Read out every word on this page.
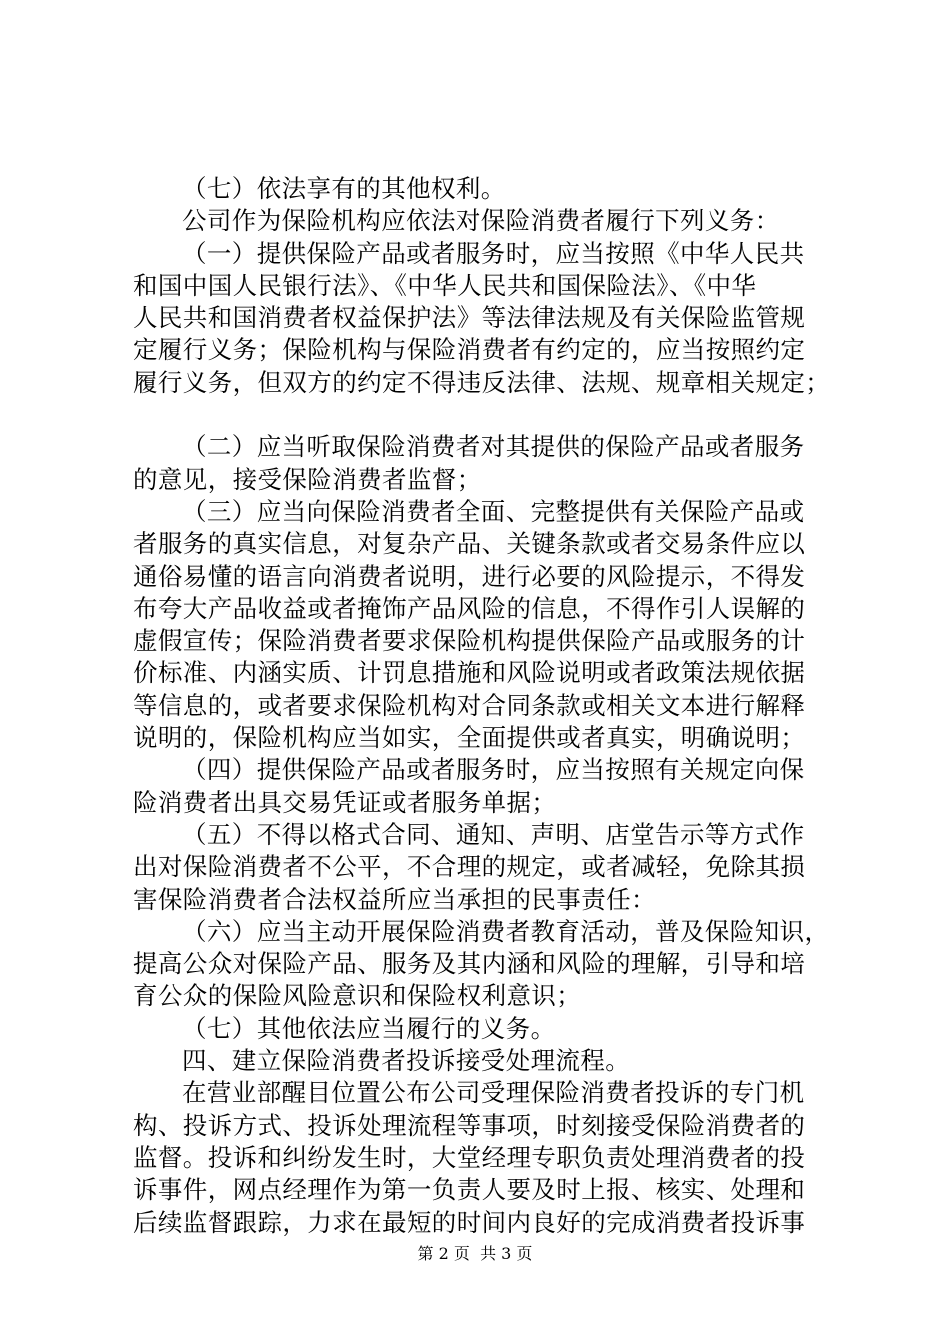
（七）依法享有的其他权利。
公司作为保险机构应依法对保险消费者履行下列义务：
（一）提供保险产品或者服务时，应当按照《中华人民共
和国中国人民银行法》、《中华人民共和国保险法》、《中华
人民共和国消费者权益保护法》等法律法规及有关保险监管规
定履行义务；保险机构与保险消费者有约定的，应当按照约定
履行义务，但双方的约定不得违反法律、法规、规章相关规定；
（二）应当听取保险消费者对其提供的保险产品或者服务
的意见，接受保险消费者监督；
（三）应当向保险消费者全面、完整提供有关保险产品或
者服务的真实信息，对复杂产品、关键条款或者交易条件应以
通俗易懂的语言向消费者说明，进行必要的风险提示，不得发
布夸大产品收益或者掩饰产品风险的信息，不得作引人误解的
虚假宣传；保险消费者要求保险机构提供保险产品或服务的计
价标准、内涵实质、计罚息措施和风险说明或者政策法规依据
等信息的，或者要求保险机构对合同条款或相关文本进行解释
说明的，保险机构应当如实，全面提供或者真实，明确说明；
（四）提供保险产品或者服务时，应当按照有关规定向保
险消费者出具交易凭证或者服务单据；
（五）不得以格式合同、通知、声明、店堂告示等方式作
出对保险消费者不公平，不合理的规定，或者减轻，免除其损
害保险消费者合法权益所应当承担的民事责任：
（六）应当主动开展保险消费者教育活动，普及保险知识，
提高公众对保险产品、服务及其内涵和风险的理解，引导和培
育公众的保险风险意识和保险权利意识；
（七）其他依法应当履行的义务。
四、建立保险消费者投诉接受处理流程。
在营业部醒目位置公布公司受理保险消费者投诉的专门机
构、投诉方式、投诉处理流程等事项，时刻接受保险消费者的
监督。投诉和纠纷发生时，大堂经理专职负责处理消费者的投
诉事件，网点经理作为第一负责人要及时上报、核实、处理和
后续监督跟踪，力求在最短的时间内良好的完成消费者投诉事
第 2 页  共 3 页
